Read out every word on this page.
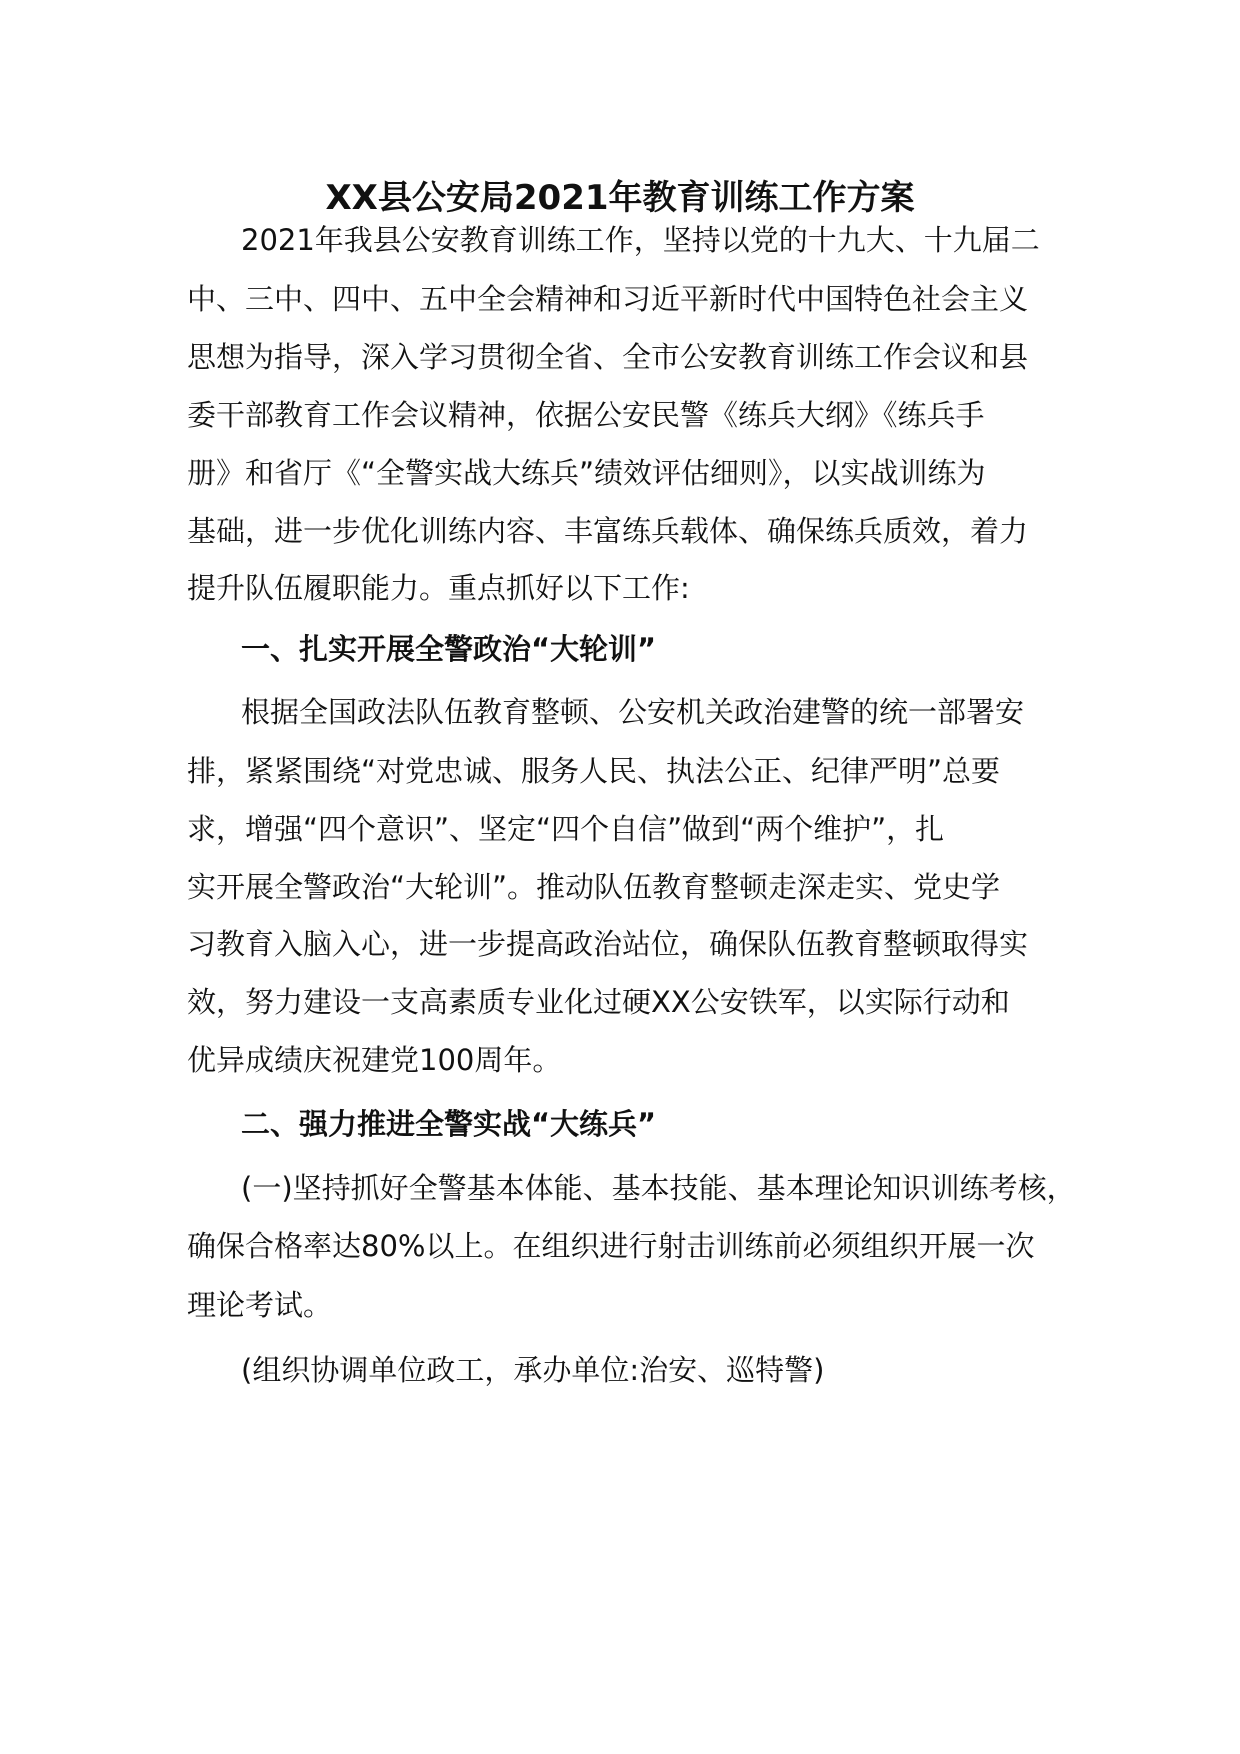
XX县公安局2021年教育训练工作方案
2021年我县公安教育训练工作，坚持以党的十九大、十九届二
中、三中、四中、五中全会精神和习近平新时代中国特色社会主义
思想为指导，深入学习贯彻全省、全市公安教育训练工作会议和县
委干部教育工作会议精神，依据公安民警《练兵大纲》《练兵手
册》和省厅《“全警实战大练兵”绩效评估细则》，以实战训练为
基础，进一步优化训练内容、丰富练兵载体、确保练兵质效，着力
提升队伍履职能力。重点抓好以下工作:
一、扎实开展全警政治“大轮训”
根据全国政法队伍教育整顿、公安机关政治建警的统一部署安
排，紧紧围绕“对党忠诚、服务人民、执法公正、纪律严明”总要
求，增强“四个意识”、坚定“四个自信”做到“两个维护”，扎
实开展全警政治“大轮训”。推动队伍教育整顿走深走实、党史学
习教育入脑入心，进一步提高政治站位，确保队伍教育整顿取得实
效，努力建设一支高素质专业化过硬XX公安铁军，以实际行动和
优异成绩庆祝建党100周年。
二、强力推进全警实战“大练兵”
(一)坚持抓好全警基本体能、基本技能、基本理论知识训练考核，
确保合格率达80%以上。在组织进行射击训练前必须组织开展一次
理论考试。
(组织协调单位政工，承办单位:治安、巡特警)
